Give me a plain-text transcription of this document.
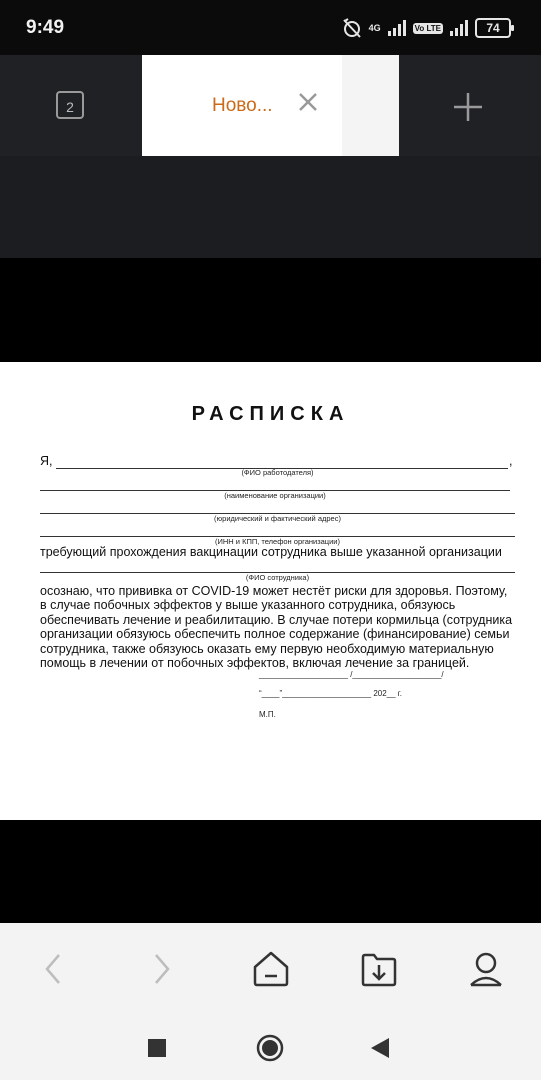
9:49	4G	Vo LTE	74
2	Ново...
РАСПИСКА
Я,	,
(ФИО работодателя)
(наименование организации)
(юридический и фактический адрес)
(ИНН и КПП, телефон организации)
требующий прохождения вакцинации сотрудника выше указанной организации
(ФИО сотрудника)
осознаю, что прививка от COVID-19 может нестёт риски для здоровья. Поэтому, в случае побочных эффектов у выше указанного сотрудника, обязуюсь обеспечивать лечение и реабилитацию. В случае потери кормильца (сотрудника организации обязуюсь обеспечить полное содержание (финансирование) семьи сотрудника, также обязуюсь оказать ему первую необходимую материальную помощь в лечении от побочных эффектов, включая лечение за границей.
____________________ /____________________/
“____”____________________ 202__ г.
М.П.
